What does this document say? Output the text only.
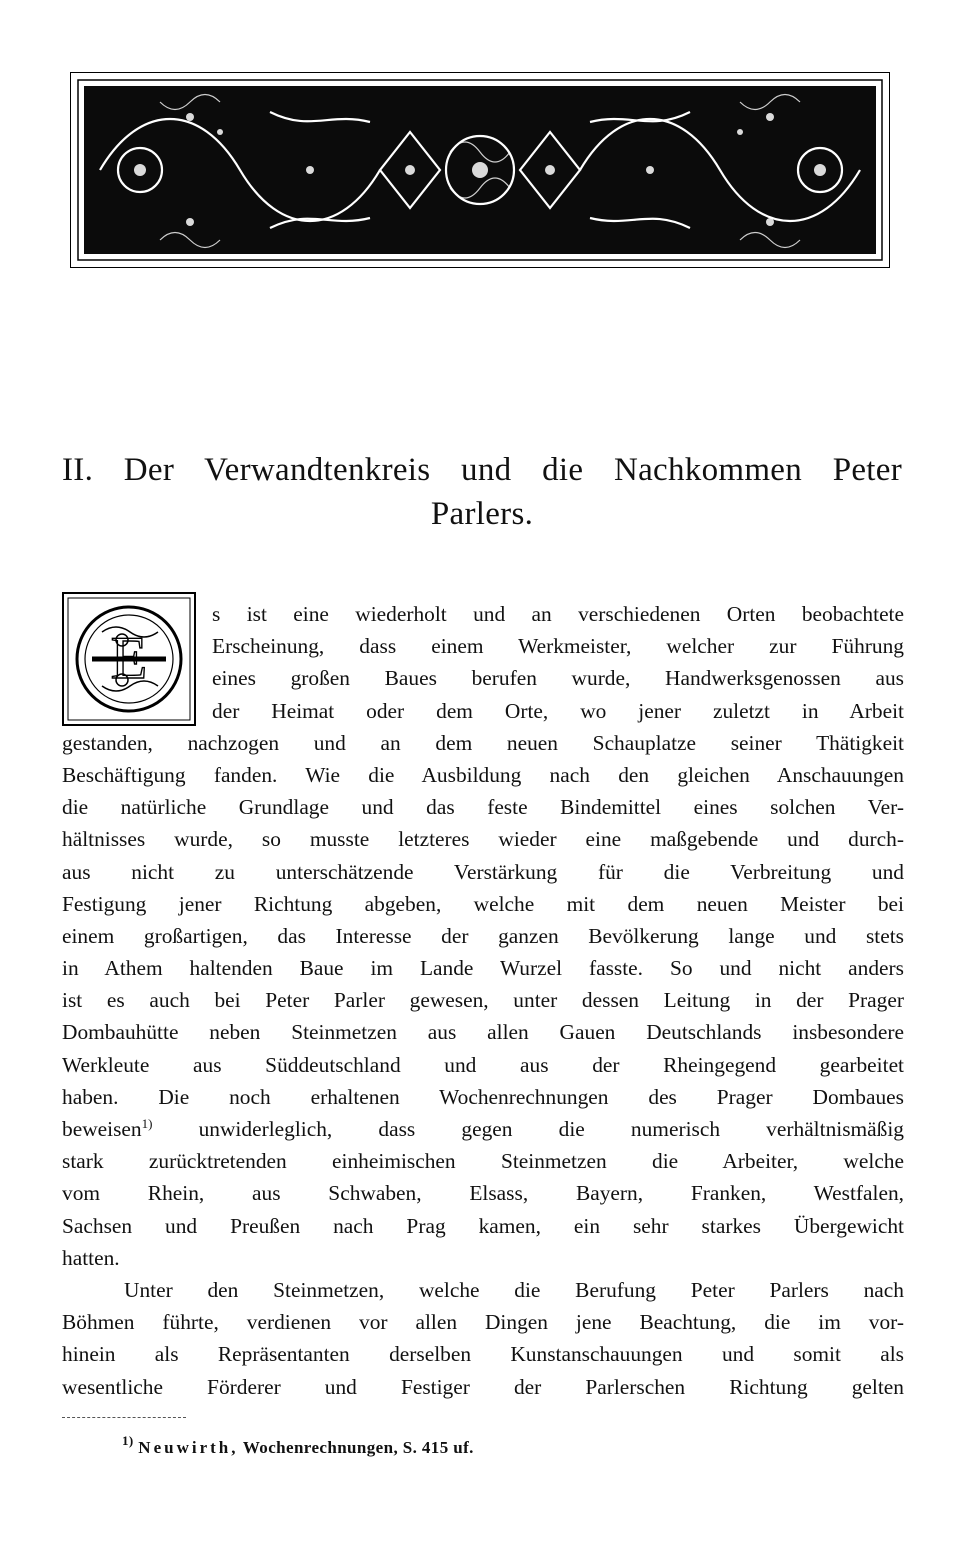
II. Der Verwandtenkreis und die Nachkommen Peter
Parlers.
E
s ist eine wiederholt und an verschiedenen Orten beobachtete
Erscheinung, dass einem Werkmeister, welcher zur Führung
eines großen Baues berufen wurde, Handwerksgenossen aus
der Heimat oder dem Orte, wo jener zuletzt in Arbeit
gestanden, nachzogen und an dem neuen Schauplatze seiner Thätigkeit
Beschäftigung fanden. Wie die Ausbildung nach den gleichen Anschauungen
die natürliche Grundlage und das feste Bindemittel eines solchen Ver-
hältnisses wurde, so musste letzteres wieder eine maßgebende und durch-
aus nicht zu unterschätzende Verstärkung für die Verbreitung und
Festigung jener Richtung abgeben, welche mit dem neuen Meister bei
einem großartigen, das Interesse der ganzen Bevölkerung lange und stets
in Athem haltenden Baue im Lande Wurzel fasste. So und nicht anders
ist es auch bei Peter Parler gewesen, unter dessen Leitung in der Prager
Dombauhütte neben Steinmetzen aus allen Gauen Deutschlands insbesondere
Werkleute aus Süddeutschland und aus der Rheingegend gearbeitet
haben. Die noch erhaltenen Wochenrechnungen des Prager Dombaues
beweisen$^{1)}$ unwiderleglich, dass gegen die numerisch verhältnismäßig
stark zurücktretenden einheimischen Steinmetzen die Arbeiter, welche
vom Rhein, aus Schwaben, Elsass, Bayern, Franken, Westfalen,
Sachsen und Preußen nach Prag kamen, ein sehr starkes Übergewicht
hatten.
Unter den Steinmetzen, welche die Berufung Peter Parlers nach
Böhmen führte, verdienen vor allen Dingen jene Beachtung, die im vor-
hinein als Repräsentanten derselben Kunstanschauungen und somit als
wesentliche Förderer und Festiger der Parlerschen Richtung gelten
$^{1)}$ Neuwirth, Wochenrechnungen, S. 415 uf.
